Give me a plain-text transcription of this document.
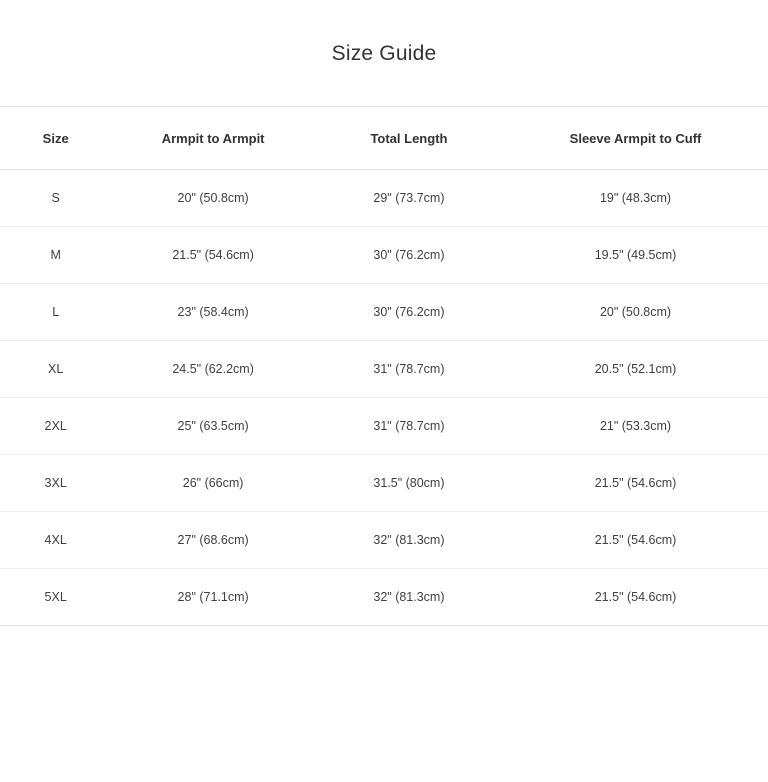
Size Guide
Size	Armpit to Armpit	Total Length	Sleeve Armpit to Cuff
S	20" (50.8cm)	29" (73.7cm)	19" (48.3cm)
M	21.5" (54.6cm)	30" (76.2cm)	19.5" (49.5cm)
L	23" (58.4cm)	30" (76.2cm)	20" (50.8cm)
XL	24.5" (62.2cm)	31" (78.7cm)	20.5" (52.1cm)
2XL	25" (63.5cm)	31" (78.7cm)	21" (53.3cm)
3XL	26" (66cm)	31.5" (80cm)	21.5" (54.6cm)
4XL	27" (68.6cm)	32" (81.3cm)	21.5" (54.6cm)
5XL	28" (71.1cm)	32" (81.3cm)	21.5" (54.6cm)
